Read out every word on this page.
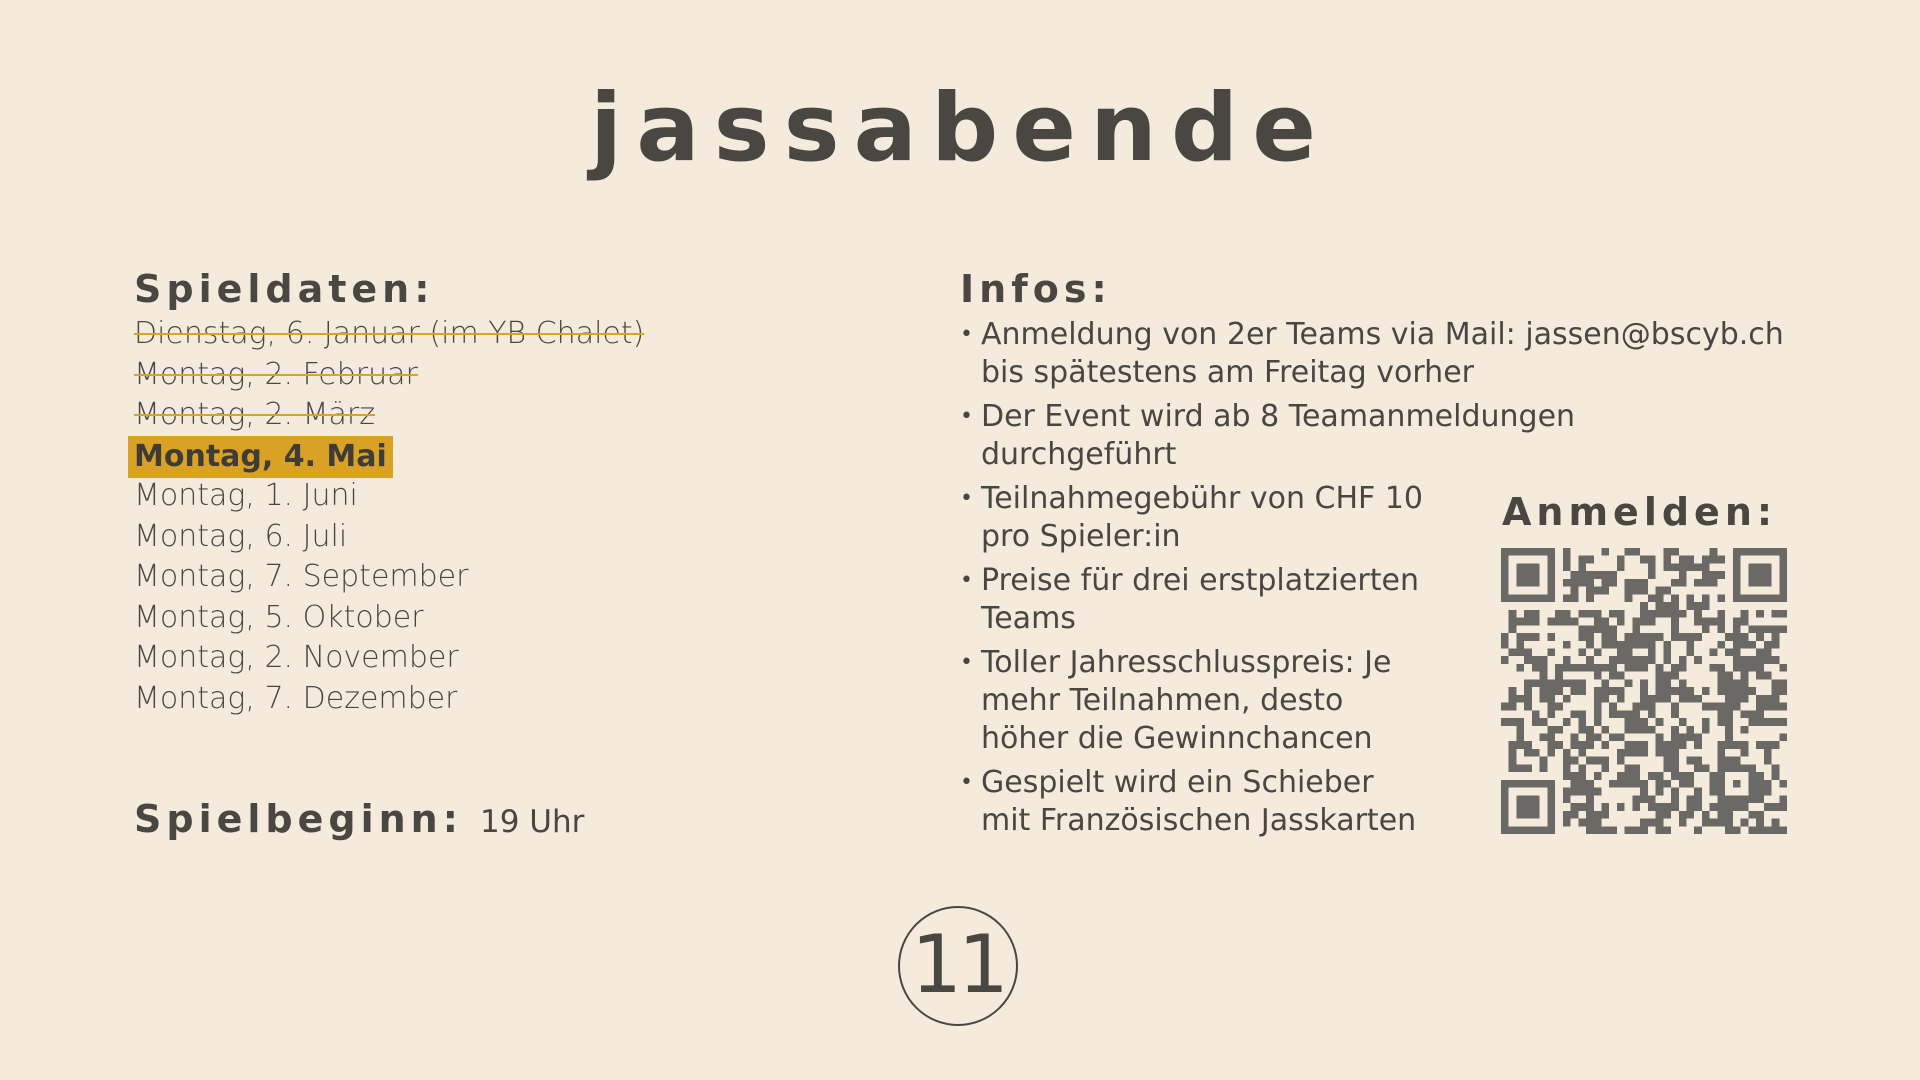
jassabende
Spieldaten:
Dienstag, 6. Januar (im YB Chalet)
Montag, 2. Februar
Montag, 2. März
Montag, 4. Mai
Montag, 1. Juni
Montag, 6. Juli
Montag, 7. September
Montag, 5. Oktober
Montag, 2. November
Montag, 7. Dezember
Spielbeginn: 19 Uhr
Infos:
• Anmeldung von 2er Teams via Mail: jassen@bscyb.ch
bis spätestens am Freitag vorher
• Der Event wird ab 8 Teamanmeldungen
durchgeführt
• Teilnahmegebühr von CHF 10
pro Spieler:in
• Preise für drei erstplatzierten
Teams
• Toller Jahresschlusspreis: Je
mehr Teilnahmen, desto
höher die Gewinnchancen
• Gespielt wird ein Schieber
mit Französischen Jasskarten
Anmelden:
11
